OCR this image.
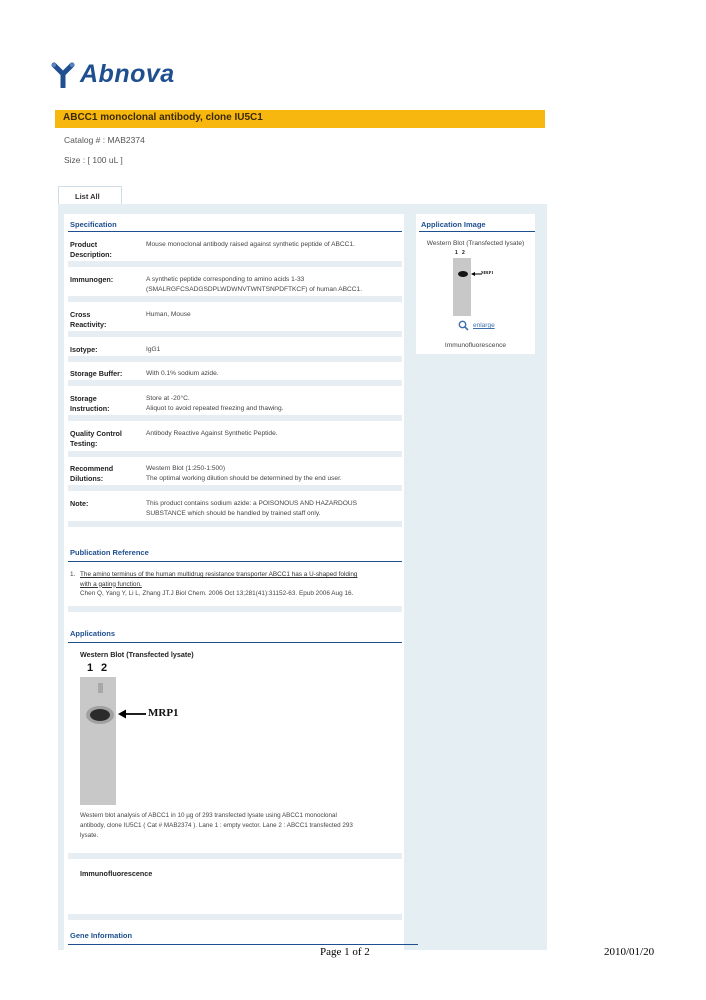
Abnova
ABCC1 monoclonal antibody, clone IU5C1
Catalog # : MAB2374
Size : [ 100 uL ]
List All
Specification
Product
Description:
Mouse monoclonal antibody raised against synthetic peptide of ABCC1.
Immunogen:	A synthetic peptide corresponding to amino acids 1-33
(SMALRGFCSADGSDPLWDWNVTWNTSNPDFTKCF) of human ABCC1.
Cross
Reactivity:
Human, Mouse
Isotype:	IgG1
Storage Buffer:	With 0.1% sodium azide.
Storage
Instruction:
Store at -20°C.
Aliquot to avoid repeated freezing and thawing.
Quality Control
Testing:
Antibody Reactive Against Synthetic Peptide.
Recommend
Dilutions:
Western Blot (1:250-1:500)
The optimal working dilution should be determined by the end user.
Note:	This product contains sodium azide: a POISONOUS AND HAZARDOUS
SUBSTANCE which should be handled by trained staff only.
Publication Reference
1. The amino terminus of the human multidrug resistance transporter ABCC1 has a U-shaped folding
with a gating function.
Chen Q, Yang Y, Li L, Zhang JT.J Biol Chem. 2006 Oct 13;281(41):31152-63. Epub 2006 Aug 16.
Applications
Western Blot (Transfected lysate)
1 2
MRP1
Western blot analysis of ABCC1 in 10 µg of 293 transfected lysate using ABCC1 monoclonal
antibody, clone IU5C1 ( Cat # MAB2374 ). Lane 1 : empty vector. Lane 2 : ABCC1 transfected 293
lysate.
Immunofluorescence
Gene Information
Application Image
Western Blot (Transfected lysate)
1 2
MRP1
enlarge
Immunofluorescence
Page 1 of 2	2010/01/20
